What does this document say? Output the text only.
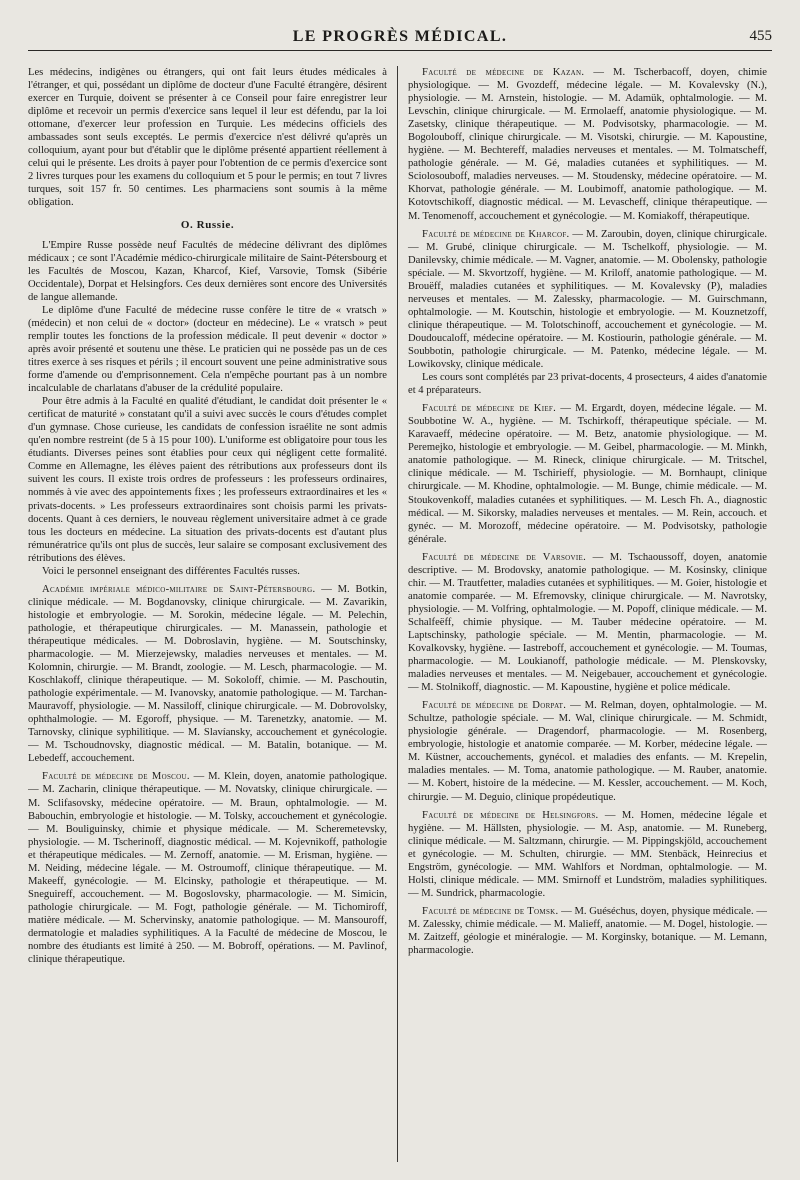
LE PROGRÈS MÉDICAL.	455

Les médecins, indigènes ou étrangers, qui ont fait leurs études médicales à l'étranger, et qui, possédant un diplôme de docteur d'une Faculté étrangère, désirent exercer en Turquie, doivent se présenter à ce Conseil pour faire enregistrer leur diplôme et recevoir un permis d'exercice sans lequel il leur est défendu, par la loi ottomane, d'exercer leur profession en Turquie. Les médecins officiels des ambassades sont seuls exceptés. Le permis d'exercice n'est délivré qu'après un colloquium, ayant pour but d'établir que le diplôme présenté appartient réellement à celui qui le présente. Les droits à payer pour l'obtention de ce permis d'exercice sont 2 livres turques pour les examens du colloquium et 5 pour le permis; en tout 7 livres turques, soit 157 fr. 50 centimes. Les pharmaciens sont soumis à la même obligation.

O. Russie.

L'Empire Russe possède neuf Facultés de médecine délivrant des diplômes médicaux ; ce sont l'Académie médico-chirurgicale militaire de Saint-Pétersbourg et les Facultés de Moscou, Kazan, Kharcof, Kief, Varsovie, Tomsk (Sibérie Occidentale), Dorpat et Helsingfors. Ces deux dernières sont encore des Universités de langue allemande.

Le diplôme d'une Faculté de médecine russe confère le titre de « vratsch » (médecin) et non celui de « doctor» (docteur en médecine). Le « vratsch » peut remplir toutes les fonctions de la profession médicale. Il peut devenir « doctor » après avoir présenté et soutenu une thèse. Le praticien qui ne possède pas un de ces titres exerce à ses risques et périls ; il encourt souvent une peine administrative sous forme d'amende ou d'emprisonnement. Cela n'empêche pourtant pas à un nombre incalculable de charlatans d'abuser de la crédulité populaire.

Pour être admis à la Faculté en qualité d'étudiant, le candidat doit présenter le « certificat de maturité » constatant qu'il a suivi avec succès le cours d'études complet d'un gymnase. Chose curieuse, les candidats de confession israélite ne sont admis qu'en nombre restreint (de 5 à 15 pour 100). L'uniforme est obligatoire pour tous les étudiants. Diverses peines sont établies pour ceux qui négligent cette formalité. Comme en Allemagne, les élèves paient des rétributions aux professeurs dont ils suivent les cours. Il existe trois ordres de professeurs : les professeurs ordinaires, nommés à vie avec des appointements fixes ; les professeurs extraordinaires et les « privats-docents. » Les professeurs extraordinaires sont choisis parmi les privats-docents. Quant à ces derniers, le nouveau règlement universitaire admet à ce grade tous les docteurs en médecine. La situation des privats-docents est d'autant plus rémunératrice qu'ils ont plus de succès, leur salaire se composant exclusivement des rétributions des élèves.

Voici le personnel enseignant des différentes Facultés russes.

Académie impériale médico-militaire de Saint-Pétersbourg. — M. Botkin, clinique médicale. — M. Bogdanovsky, clinique chirurgicale. — M. Zavarikin, histologie et embryologie. — M. Sorokin, médecine légale. — M. Pelechin, pathologie, et thérapeutique chirurgicales. — M. Manassein, pathologie et thérapeutique médicales. — M. Dobroslavin, hygiène. — M. Soutschinsky, pharmacologie. — M. Mierzejewsky, maladies nerveuses et mentales. — M. Kolomnin, chirurgie. — M. Brandt, zoologie. — M. Lesch, pharmacologie. — M. Koschlakoff, clinique thérapeutique. — M. Sokoloff, chimie. — M. Paschoutin, pathologie expérimentale. — M. Ivanovsky, anatomie pathologique. — M. Tarchan-Mauravoff, physiologie. — M. Nassiloff, clinique chirurgicale. — M. Dobrovolsky, ophthalmologie. — M. Egoroff, physique. — M. Tarenetzky, anatomie. — M. Tarnovsky, clinique syphilitique. — M. Slavíansky, accouchement et gynécologie. — M. Tschoudnovsky, diagnostic médical. — M. Batalin, botanique. — M. Lebedeff, accouchement.

Faculté de médecine de Moscou. — M. Klein, doyen, anatomie pathologique. — M. Zacharin, clinique thérapeutique. — M. Novatsky, clinique chirurgicale. — M. Sclifasovsky, médecine opératoire. — M. Braun, ophtalmologie. — M. Babouchin, embryologie et histologie. — M. Tolsky, accouchement et gynécologie. — M. Bouliguinsky, chimie et physique médicale. — M. Scheremetevsky, physiologie. — M. Tscherinoff, diagnostic médical. — M. Kojevnikoff, pathologie et thérapeutique médicales. — M. Zernoff, anatomie. — M. Erisman, hygiène. — M. Neiding, médecine légale. — M. Ostroumoff, clinique thérapeutique. — M. Makeeff, gynécologie. — M. Elcinsky, pathologie et thérapeutique. — M. Sneguireff, accouchement. — M. Bogoslovsky, pharmacologie. — M. Simicin, pathologie chirurgicale. — M. Fogt, pathologie générale. — M. Tichomiroff, matière médicale. — M. Schervinsky, anatomie pathologique. — M. Mansouroff, dermatologie et maladies syphilitiques. A la Faculté de médecine de Moscou, le nombre des étudiants est limité à 250. — M. Bobroff, opérations. — M. Pavlinof, clinique thérapeutique.

Faculté de médecine de Kazan. — M. Tscherbacoff, doyen, chimie physiologique. — M. Gvozdeff, médecine légale. — M. Kovalevsky (N.), physiologie. — M. Arnstein, histologie. — M. Adamük, ophtalmologie. — M. Levschin, clinique chirurgicale. — M. Ermolaeff, anatomie physiologique. — M. Zasetsky, clinique thérapeutique. — M. Podvisotsky, pharmacologie. — M. Bogolouboff, clinique chirurgicale. — M. Visotski, chirurgie. — M. Kapoustine, hygiène. — M. Bechtereff, maladies nerveuses et mentales. — M. Tolmatscheff, pathologie générale. — M. Gé, maladies cutanées et syphilitiques. — M. Sciolosouboff, maladies nerveuses. — M. Stoudensky, médecine opératoire. — M. Khorvat, pathologie générale. — M. Loubimoff, anatomie pathologique. — M. Kotovtschikoff, diagnostic médical. — M. Levascheff, clinique thérapeutique. — M. Tenomenoff, accouchement et gynécologie. — M. Komiakoff, thérapeutique.

Faculté de médecine de Kharcof. — M. Zaroubin, doyen, clinique chirurgicale. — M. Grubé, clinique chirurgicale. — M. Tschelkoff, physiologie. — M. Danilevsky, chimie médicale. — M. Vagner, anatomie. — M. Obolensky, pathologie spéciale. — M. Skvortzoff, hygiène. — M. Kriloff, anatomie pathologique. — M. Brouëff, maladies cutanées et syphilitiques. — M. Kovalevsky (P), maladies nerveuses et mentales. — M. Zalessky, pharmacologie. — M. Guirschmann, ophtalmologie. — M. Koutschin, histologie et embryologie. — M. Kouznetzoff, clinique thérapeutique. — M. Tolotschinoff, accouchement et gynécologie. — M. Doudoucaloff, médecine opératoire. — M. Kostiourin, pathologie générale. — M. Soubbotin, pathologie chirurgicale. — M. Patenko, médecine légale. — M. Lowikovsky, clinique médicale.

Les cours sont complétés par 23 privat-docents, 4 prosecteurs, 4 aides d'anatomie et 4 préparateurs.

Faculté de médecine de Kief. — M. Ergardt, doyen, médecine légale. — M. Soubbotine W. A., hygiène. — M. Tschirkoff, thérapeutique spéciale. — M. Karavaeff, médecine opératoire. — M. Betz, anatomie physiologique. — M. Peremejko, histologie et embryologie. — M. Geibel, pharmacologie. — M. Minkh, anatomie pathologique. — M. Rineck, clinique chirurgicale. — M. Tritschel, clinique médicale. — M. Tschirieff, physiologie. — M. Bornhaupt, clinique chirurgicale. — M. Khodine, ophtalmologie. — M. Bunge, chimie médicale. — M. Stoukovenkoff, maladies cutanées et syphilitiques. — M. Lesch Fh. A., diagnostic médical. — M. Sikorsky, maladies nerveuses et mentales. — M. Rein, accouch. et gynéc. — M. Morozoff, médecine opératoire. — M. Podvisotsky, pathologie générale.

Faculté de médecine de Varsovie. — M. Tschaoussoff, doyen, anatomie descriptive. — M. Brodovsky, anatomie pathologique. — M. Kosinsky, clinique chir. — M. Trautfetter, maladies cutanées et syphilitiques. — M. Goier, histologie et anatomie comparée. — M. Efremovsky, clinique chirurgicale. — M. Navrotsky, physiologie. — M. Volfring, ophtalmologie. — M. Popoff, clinique médicale. — M. Schalfeëff, chimie physique. — M. Tauber médecine opératoire. — M. Laptschinsky, pathologie spéciale. — M. Mentin, pharmacologie. — M. Kovalkovsky, hygiène. — Iastreboff, accouchement et gynécologie. — M. Toumas, pharmacologie. — M. Loukianoff, pathologie médicale. — M. Plenskovsky, maladies nerveuses et mentales. — M. Neigebauer, accouchement et gynécologie. — M. Stolnikoff, diagnostic. — M. Kapoustine, hygiène et police médicale.

Faculté de médecine de Dorpat. — M. Relman, doyen, ophtalmologie. — M. Schultze, pathologie spéciale. — M. Wal, clinique chirurgicale. — M. Schmidt, physiologie générale. — Dragendorf, pharmacologie. — M. Rosenberg, embryologie, histologie et anatomie comparée. — M. Korber, médecine légale. — M. Küstner, accouchements, gynécol. et maladies des enfants. — M. Krepelin, maladies mentales. — M. Toma, anatomie pathologique. — M. Rauber, anatomie. — M. Kobert, histoire de la médecine. — M. Kessler, accouchement. — M. Koch, chirurgie. — M. Deguio, clinique propédeutique.

Faculté de médecine de Helsingfors. — M. Homen, médecine légale et hygiène. — M. Hällsten, physiologie. — M. Asp, anatomie. — M. Runeberg, clinique médicale. — M. Saltzmann, chirurgie. — M. Pippingskjöld, accouchement et gynécologie. — M. Schulten, chirurgie. — MM. Stenbäck, Heinrecius et Engström, gynécologie. — MM. Wahlfors et Nordman, ophtalmologie. — M. Holsti, clinique médicale. — MM. Smirnoff et Lundström, maladies syphilitiques. — M. Sundrick, pharmacologie.

Faculté de médecine de Tomsk. — M. Guéséchus, doyen, physique médicale. — M. Zalessky, chimie médicale. — M. Malieff, anatomie. — M. Dogel, histologie. — M. Zaitzeff, géologie et minéralogie. — M. Korginsky, botanique. — M. Lemann, pharmacologie.
